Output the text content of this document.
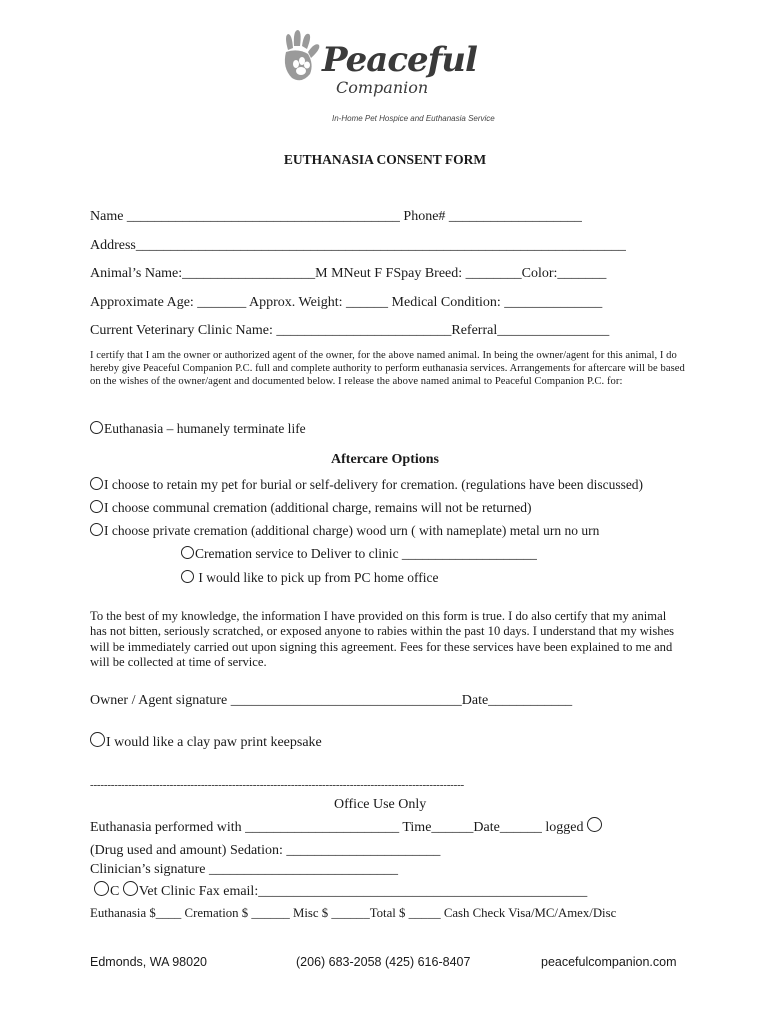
Peaceful
Companion
In-Home Pet Hospice and Euthanasia Service
EUTHANASIA CONSENT FORM
Name _______________________________________ Phone# ___________________
Address______________________________________________________________________
Animal’s Name:___________________M MNeut F FSpay Breed: ________Color:_______
Approximate Age: _______ Approx. Weight: ______ Medical Condition: ______________
Current Veterinary Clinic Name: _________________________Referral________________
I certify that I am the owner or authorized agent of the owner, for the above named animal. In being the owner/agent for this animal, I do hereby give Peaceful Companion P.C. full and complete authority to perform euthanasia services. Arrangements for aftercare will be based on the wishes of the owner/agent and documented below. I release the above named animal to Peaceful Companion P.C. for:
Euthanasia – humanely terminate life
Aftercare Options
I choose to retain my pet for burial or self-delivery for cremation. (regulations have been discussed)
I choose communal cremation (additional charge, remains will not be returned)
I choose private cremation (additional charge) wood urn ( with nameplate) metal urn no urn
Cremation service to Deliver to clinic ____________________
I would like to pick up from PC home office
To the best of my knowledge, the information I have provided on this form is true. I do also certify that my animal has not bitten, seriously scratched, or exposed anyone to rabies within the past 10 days. I understand that my wishes will be immediately carried out upon signing this agreement. Fees for these services have been explained to me and will be collected at time of service.
Owner / Agent signature _________________________________Date____________
I would like a clay paw print keepsake
------------------------------------------------------------------------------------------------------------
Office Use Only
Euthanasia performed with ______________________ Time______Date______ logged
(Drug used and amount) Sedation: ______________________
Clinician’s signature ___________________________
C Vet Clinic Fax email:_______________________________________________
Euthanasia $____ Cremation $ ______ Misc $ ______Total $ _____ Cash Check Visa/MC/Amex/Disc
Edmonds, WA 98020	(206) 683-2058 (425) 616-8407	peacefulcompanion.com
